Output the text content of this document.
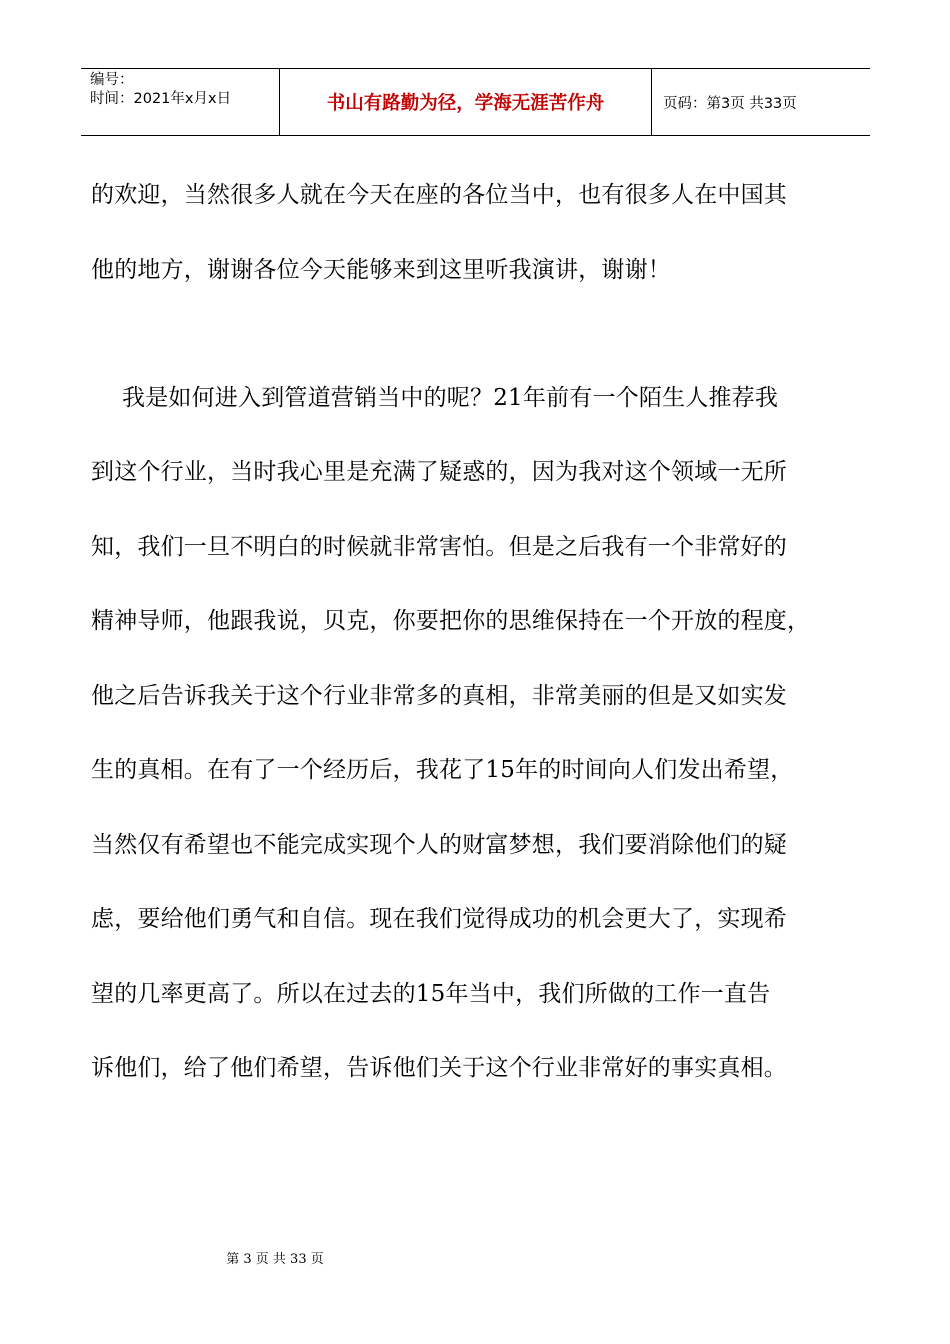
编号：
时间：2021年x月x日	书山有路勤为径，学海无涯苦作舟	页码：第3页 共33页
的欢迎，当然很多人就在今天在座的各位当中，也有很多人在中国其
他的地方，谢谢各位今天能够来到这里听我演讲，谢谢！
我是如何进入到管道营销当中的呢？21年前有一个陌生人推荐我
到这个行业，当时我心里是充满了疑惑的，因为我对这个领域一无所
知，我们一旦不明白的时候就非常害怕。但是之后我有一个非常好的
精神导师，他跟我说，贝克，你要把你的思维保持在一个开放的程度，
他之后告诉我关于这个行业非常多的真相，非常美丽的但是又如实发
生的真相。在有了一个经历后，我花了15年的时间向人们发出希望，
当然仅有希望也不能完成实现个人的财富梦想，我们要消除他们的疑
虑，要给他们勇气和自信。现在我们觉得成功的机会更大了，实现希
望的几率更高了。所以在过去的15年当中，我们所做的工作一直告
诉他们，给了他们希望，告诉他们关于这个行业非常好的事实真相。
第 3 页 共 33 页
